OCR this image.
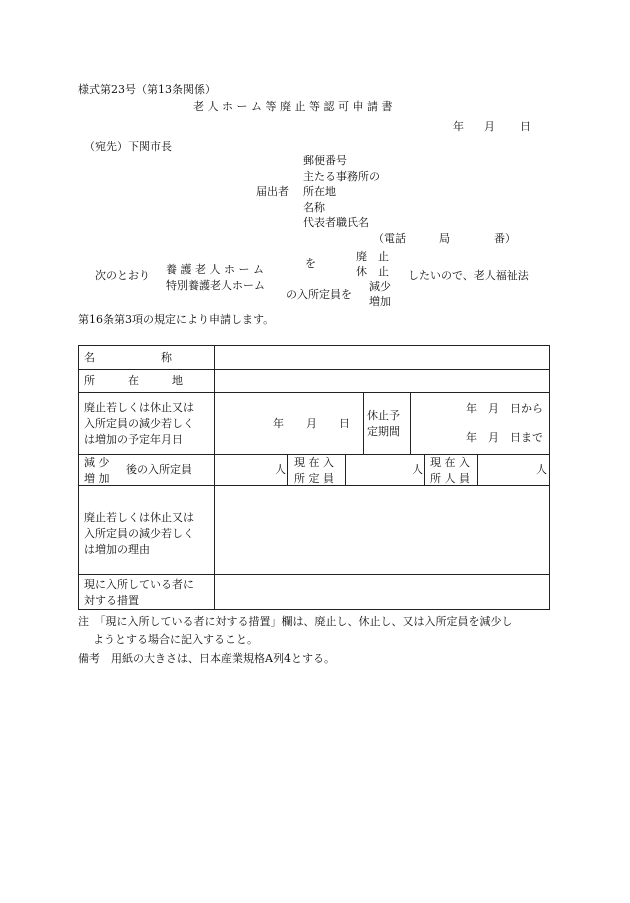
様式第23号（第13条関係）
老 人 ホ ー ム 等 廃 止 等 認 可 申 請 書
年 月 日
（宛先）下関市長
郵便番号
主たる事務所の
届出者 所在地
名称
代表者職氏名
（電話　　　局　　　　番）
次のとおり 養 護 老 人 ホ ー ム
特別養護老人ホーム
を
の入所定員を
廃　止
休　止
減少
増加
したいので、老人福祉法
第16条第3項の規定により申請します。
名　　　　　　称
所　　　在　　　地
廃止若しくは休止又は
入所定員の減少若しく
は増加の予定年月日
年　　月　　日
休止予
定期間
年　月　日から
年　月　日まで
減 少
増 加
後の入所定員	人
現 在 入
所 定 員
人
現 在 入
所 人 員
人
廃止若しくは休止又は
入所定員の減少若しく
は増加の理由
現に入所している者に
対する措置
注　「現に入所している者に対する措置」欄は、廃止し、休止し、又は入所定員を減少し
ようとする場合に記入すること。
備考　用紙の大きさは、日本産業規格A列4とする。
